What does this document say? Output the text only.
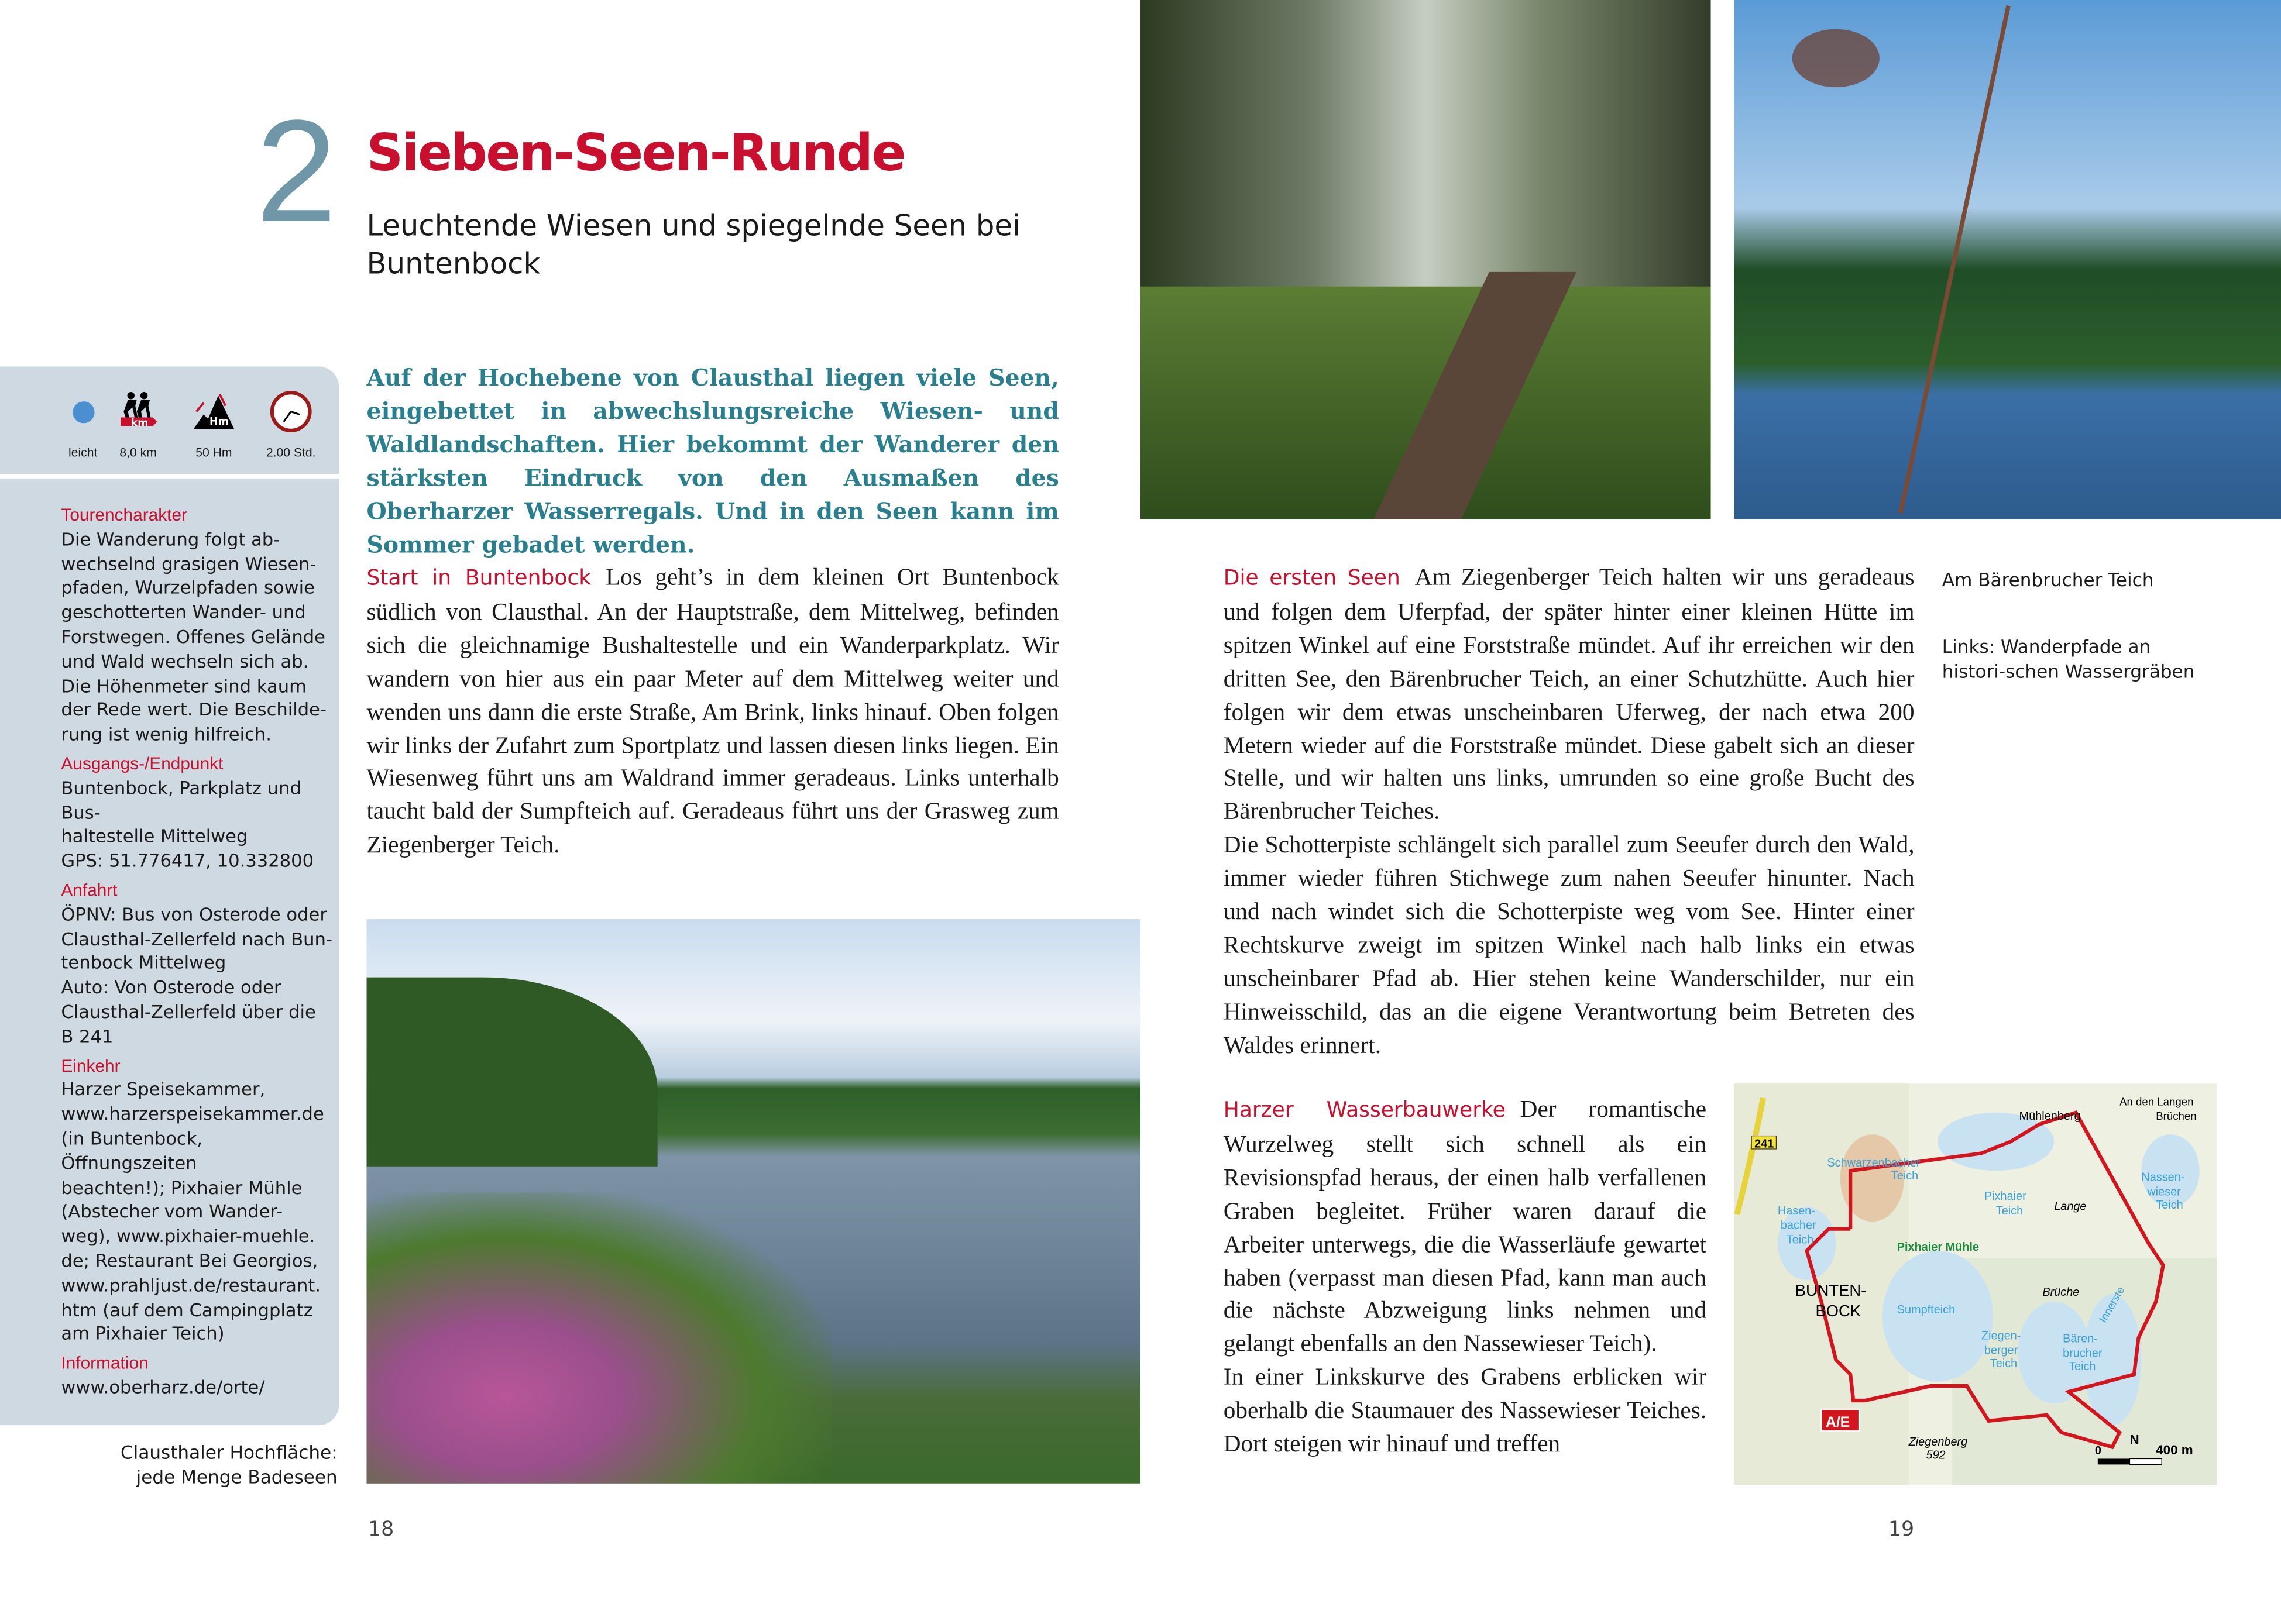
2 Sieben-Seen-Runde
Leuchtende Wiesen und spiegelnde Seen bei Buntenbock
leicht
km
8,0 km
Hm
50 Hm	2.00 Std.
Tourencharakter

Die Wanderung folgt ab-
wechselnd grasigen Wiesen-
pfaden, Wurzelpfaden sowie
geschotterten Wander- und
Forstwegen. Offenes Gelände
und Wald wechseln sich ab.
Die Höhenmeter sind kaum
der Rede wert. Die Beschilde-
rung ist wenig hilfreich.

Ausgangs-/Endpunkt

Buntenbock, Parkplatz und Bus-
haltestelle Mittelweg
GPS: 51.776417, 10.332800

Anfahrt

ÖPNV: Bus von Osterode oder
Clausthal-Zellerfeld nach Bun-
tenbock Mittelweg
Auto: Von Osterode oder
Clausthal-Zellerfeld über die
B 241

Einkehr

Harzer Speisekammer,
www.harzerspeisekammer.de
(in Buntenbock, Öffnungszeiten
beachten!); Pixhaier Mühle
(Abstecher vom Wander-
weg), www.pixhaier-muehle.
de; Restaurant Bei Georgios,
www.prahljust.de/restaurant.
htm (auf dem Campingplatz
am Pixhaier Teich)

Information

www.oberharz.de/orte/

Clausthaler Hochfläche: jede Menge Badeseen
Auf der Hochebene von Clausthal liegen viele Seen, eingebettet in abwechslungsreiche Wiesen- und Waldlandschaften. Hier bekommt der Wanderer den stärksten Eindruck von den Ausmaßen des Oberharzer Wasserregals. Und in den Seen kann im Sommer gebadet werden.
Start in Buntenbock Los geht’s in dem kleinen Ort Buntenbock südlich von Clausthal. An der Hauptstraße, dem Mittelweg, befinden sich die gleichnamige Bushaltestelle und ein Wanderparkplatz. Wir wandern von hier aus ein paar Meter auf dem Mittelweg weiter und wenden uns dann die erste Straße, Am Brink, links hinauf. Oben folgen wir links der Zufahrt zum Sportplatz und lassen diesen links liegen. Ein Wiesenweg führt uns am Waldrand immer geradeaus. Links unterhalb taucht bald der Sumpfteich auf. Geradeaus führt uns der Grasweg zum Ziegenberger Teich.
Die ersten Seen Am Ziegenberger Teich halten wir uns geradeaus und folgen dem Uferpfad, der später hinter einer kleinen Hütte im spitzen Winkel auf eine Forststraße mündet. Auf ihr erreichen wir den dritten See, den Bärenbrucher Teich, an einer Schutzhütte. Auch hier folgen wir dem etwas unscheinbaren Uferweg, der nach etwa 200 Metern wieder auf die Forststraße mündet. Diese gabelt sich an dieser Stelle, und wir halten uns links, umrunden so eine große Bucht des Bärenbrucher Teiches.
Die Schotterpiste schlängelt sich parallel zum Seeufer durch den Wald, immer wieder führen Stichwege zum nahen Seeufer hinunter. Nach und nach windet sich die Schotterpiste weg vom See. Hinter einer Rechtskurve zweigt im spitzen Winkel nach halb links ein etwas unscheinbarer Pfad ab. Hier stehen keine Wanderschilder, nur ein Hinweisschild, das an die eigene Verantwortung beim Betreten des Waldes erinnert.
Am Bärenbrucher Teich
Links: Wanderpfade an histori-schen Wassergräben
Harzer Wasserbauwerke Der romantische Wurzelweg stellt sich schnell als ein Revisionspfad heraus, der einen halb verfallenen Graben begleitet. Früher waren darauf die Arbeiter unterwegs, die die Wasserläufe gewartet haben (verpasst man diesen Pfad, kann man auch die nächste Abzweigung links nehmen und gelangt ebenfalls an den Nassewieser Teich).
In einer Linkskurve des Grabens erblicken wir oberhalb die Staumauer des Nassewieser Teiches. Dort steigen wir hinauf und treffen
241
Schwarzenbacher
Teich
Mühlenberg
An den Langen
Brüchen
Hasen-
bacher
Teich
Pixhaier
Teich	Lange
Nassen-
wieser
Teich
Pixhaier Mühle
BUNTEN-
BOCK	Sumpfteich
Brüche	Innerste
Ziegen-
berger
Teich
Bären-
brucher
Teich
A/E
Ziegenberg
592
N
0	400 m
18	19
